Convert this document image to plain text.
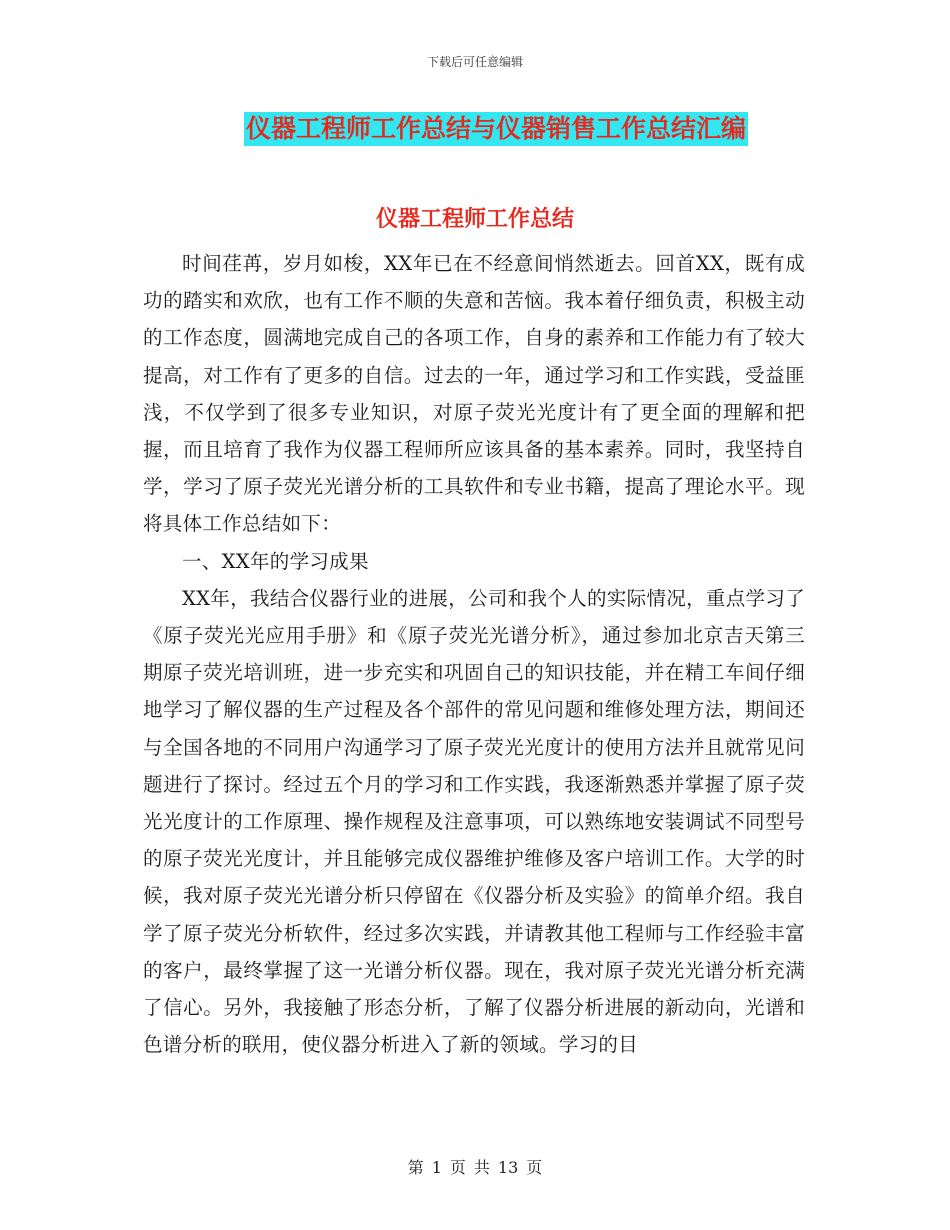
下载后可任意编辑
仪器工程师工作总结与仪器销售工作总结汇编
仪器工程师工作总结

时间荏苒，岁月如梭，XX年已在不经意间悄然逝去。回首XX，既有成功的踏实和欢欣，也有工作不顺的失意和苦恼。我本着仔细负责，积极主动的工作态度，圆满地完成自己的各项工作，自身的素养和工作能力有了较大提高，对工作有了更多的自信。过去的一年，通过学习和工作实践，受益匪浅，不仅学到了很多专业知识，对原子荧光光度计有了更全面的理解和把握，而且培育了我作为仪器工程师所应该具备的基本素养。同时，我坚持自学，学习了原子荧光光谱分析的工具软件和专业书籍，提高了理论水平。现将具体工作总结如下：

一、XX年的学习成果

XX年，我结合仪器行业的进展，公司和我个人的实际情况，重点学习了《原子荧光光应用手册》和《原子荧光光谱分析》，通过参加北京吉天第三期原子荧光培训班，进一步充实和巩固自己的知识技能，并在精工车间仔细地学习了解仪器的生产过程及各个部件的常见问题和维修处理方法，期间还与全国各地的不同用户沟通学习了原子荧光光度计的使用方法并且就常见问题进行了探讨。经过五个月的学习和工作实践，我逐渐熟悉并掌握了原子荧光光度计的工作原理、操作规程及注意事项，可以熟练地安装调试不同型号的原子荧光光度计，并且能够完成仪器维护维修及客户培训工作。大学的时候，我对原子荧光光谱分析只停留在《仪器分析及实验》的简单介绍。我自学了原子荧光分析软件，经过多次实践，并请教其他工程师与工作经验丰富的客户，最终掌握了这一光谱分析仪器。现在，我对原子荧光光谱分析充满了信心。另外，我接触了形态分析，了解了仪器分析进展的新动向，光谱和色谱分析的联用，使仪器分析进入了新的领域。学习的目

第 1 页 共 13 页
